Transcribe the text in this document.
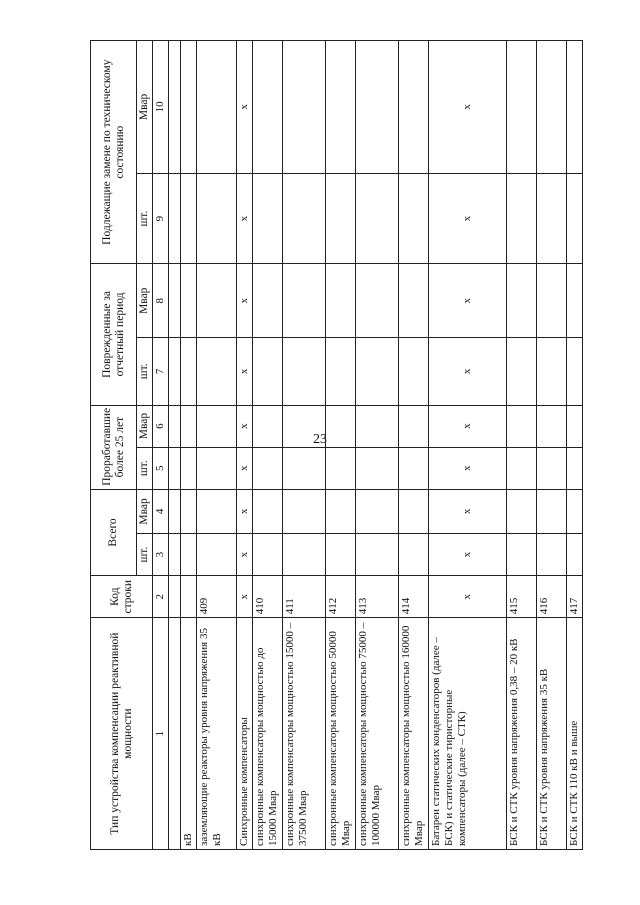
23
Тип устройства компенсации реактивной мощности	Код строки	Всего		Проработавшие более 25 лет		Поврежденные за отчетный период		Подлежащие замене по техническому состоянию	
		шт.	Мвар	шт.	Мвар	шт.	Мвар	шт.	Мвар
1	2	3	4	5	6	7	8	9	10

кВ									
заземляющие реакторы уровня напряжения 35 кВ	409								
Синхронные компенсаторы	x	x	x	x	x	x	x	x	x
синхронные компенсаторы мощностью до 15000 Мвар	410								
синхронные компенсаторы мощностью 15000 – 37500 Мвар	411								
синхронные компенсаторы мощностью 50000 Мвар	412								
синхронные компенсаторы мощностью 75000 – 100000 Мвар	413								
синхронные компенсаторы мощностью 160000 Мвар	414								
Батареи статических конденсаторов (далее – БСК) и статические тиристорные компенсаторы (далее – СТК)	x	x	x	x	x	x	x	x	x
БСК и СТК уровня напряжения 0,38 – 20 кВ	415								
БСК и СТК уровня напряжения 35 кВ	416								
БСК и СТК 110 кВ и выше	417								
